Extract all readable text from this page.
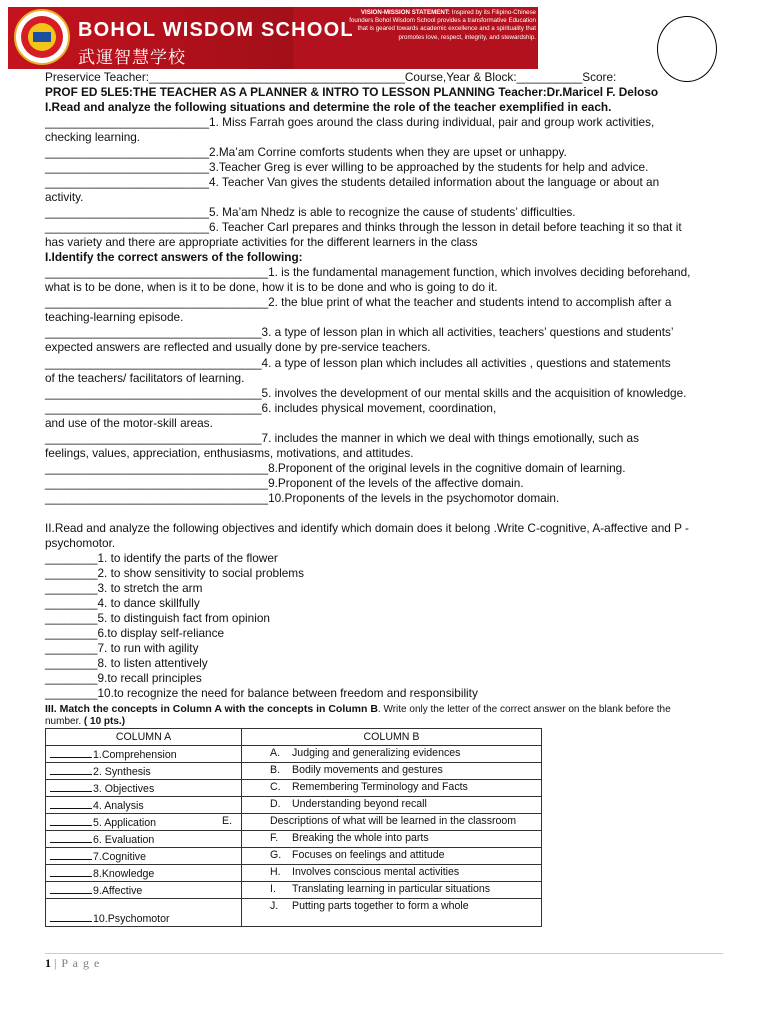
BOHOL WISDOM SCHOOL
武運智慧学校
VISION-MISSION STATEMENT: Inspired by its Filipino-Chinese founders Bohol Wisdom School provides a transformative Education that is geared towards academic excellence and a spirituality that promotes love, respect, integrity, and stewardship.
Preservice Teacher:_______________________________________Course,Year & Block:__________Score:
PROF ED 5LE5:THE TEACHER AS A PLANNER & INTRO TO LESSON PLANNING Teacher:Dr.Maricel F. Deloso
I.Read and analyze the following situations and determine the role of the teacher exemplified in each.
_________________________1. Miss Farrah goes around the class during individual, pair and group work activities,
checking learning.
_________________________2.Ma’am Corrine comforts students when they are upset or unhappy.
_________________________3.Teacher Greg is ever willing to be approached by the students for help and advice.
_________________________4. Teacher Van gives the students detailed information about the language or about an
activity.
_________________________5. Ma’am Nhedz is able to recognize the cause of students’ difficulties.
_________________________6. Teacher Carl prepares and thinks through the lesson in detail before teaching it so that it
has variety and there are appropriate activities for the different learners in the class
I.Identify the correct answers of the following:
__________________________________1. is the fundamental management function, which involves deciding beforehand,
what is to be done, when is it to be done, how it is to be done and who is going to do it.
__________________________________2. the blue print of what the teacher and students intend to accomplish after a
teaching-learning episode.
_________________________________3. a type of lesson plan in which all activities, teachers’ questions and students’
expected answers are reflected and usually done by pre-service teachers.
_________________________________4. a type of lesson plan which includes all activities , questions and statements
of the teachers/ facilitators of learning.
_________________________________5. involves the development of our mental skills and the acquisition of knowledge.
_________________________________6. includes physical movement, coordination,
and use of the motor-skill areas.
_________________________________7. includes the manner in which we deal with things emotionally, such as
feelings, values, appreciation, enthusiasms, motivations, and attitudes.
__________________________________8.Proponent of the original levels in the cognitive domain of learning.
__________________________________9.Proponent of the levels of the affective domain.
__________________________________10.Proponents of the levels in the psychomotor domain.
II.Read and analyze the following objectives and identify which domain does it belong .Write C-cognitive, A-affective and P -
psychomotor.
________1. to identify the parts of the flower
________2. to show sensitivity to social problems
________3. to stretch the arm
________4. to dance skillfully
________5. to distinguish fact from opinion
________6.to display self-reliance
________7. to run with agility
________8. to listen attentively
________9.to recall principles
________10.to recognize the need for balance between freedom and responsibility
III. Match the concepts in Column A with the concepts in Column B. Write only the letter of the correct answer on the blank before the
number. ( 10 pts.)
COLUMN A	COLUMN B
1.Comprehension	A. Judging and generalizing evidences
2. Synthesis	B. Bodily movements and gestures
3. Objectives	C. Remembering Terminology and Facts
4. Analysis	D. Understanding beyond recall
5. Application	E. Descriptions of what will be learned in the classroom
6. Evaluation	F. Breaking the whole into parts
7.Cognitive	G. Focuses on feelings and attitude
8.Knowledge	H. Involves conscious mental activities
9.Affective	I. Translating learning in particular situations
10.Psychomotor	J. Putting parts together to form a whole
1 | P a g e
